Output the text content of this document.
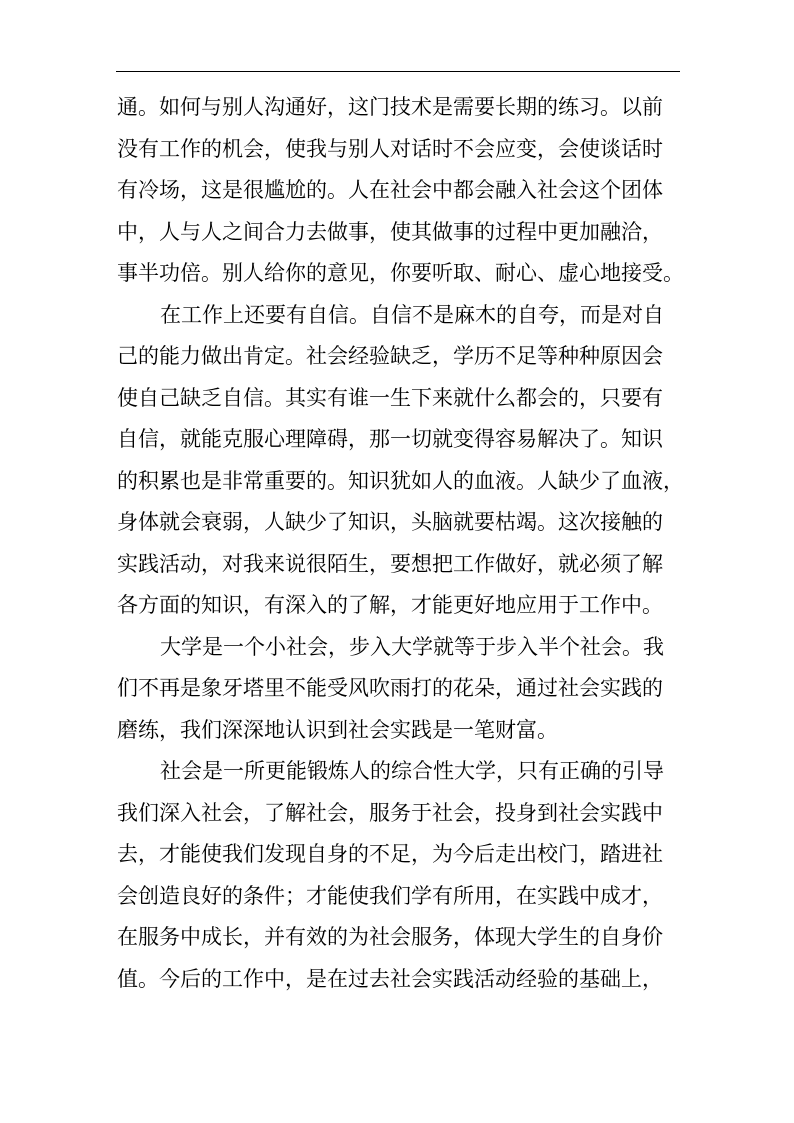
通。如何与别人沟通好，这门技术是需要长期的练习。以前
没有工作的机会，使我与别人对话时不会应变，会使谈话时
有冷场，这是很尴尬的。人在社会中都会融入社会这个团体
中，人与人之间合力去做事，使其做事的过程中更加融洽，
事半功倍。别人给你的意见，你要听取、耐心、虚心地接受。
在工作上还要有自信。自信不是麻木的自夸，而是对自
己的能力做出肯定。社会经验缺乏，学历不足等种种原因会
使自己缺乏自信。其实有谁一生下来就什么都会的，只要有
自信，就能克服心理障碍，那一切就变得容易解决了。知识
的积累也是非常重要的。知识犹如人的血液。人缺少了血液，
身体就会衰弱，人缺少了知识，头脑就要枯竭。这次接触的
实践活动，对我来说很陌生，要想把工作做好，就必须了解
各方面的知识，有深入的了解，才能更好地应用于工作中。
大学是一个小社会，步入大学就等于步入半个社会。我
们不再是象牙塔里不能受风吹雨打的花朵，通过社会实践的
磨练，我们深深地认识到社会实践是一笔财富。
社会是一所更能锻炼人的综合性大学，只有正确的引导
我们深入社会，了解社会，服务于社会，投身到社会实践中
去，才能使我们发现自身的不足，为今后走出校门，踏进社
会创造良好的条件；才能使我们学有所用，在实践中成才，
在服务中成长，并有效的为社会服务，体现大学生的自身价
值。今后的工作中，是在过去社会实践活动经验的基础上，
